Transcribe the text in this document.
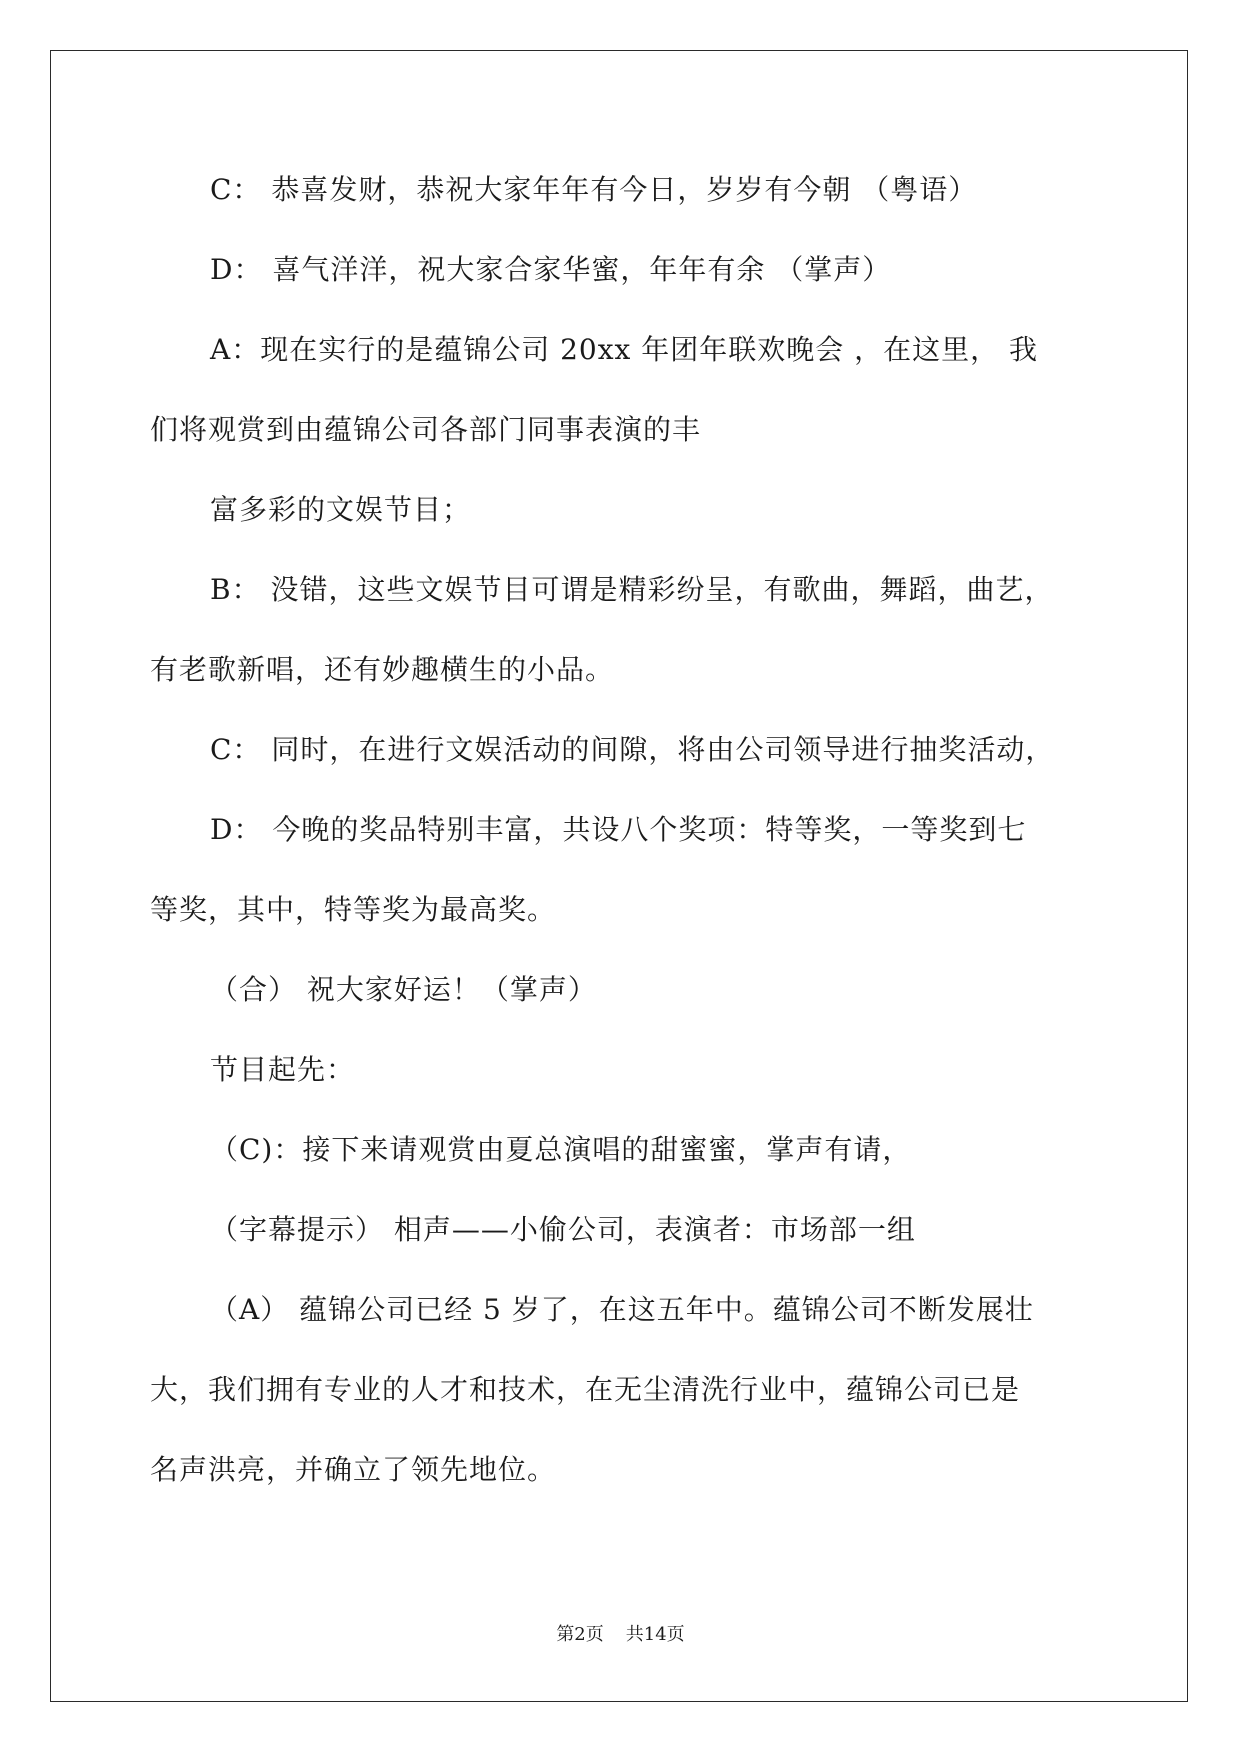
C： 恭喜发财，恭祝大家年年有今日，岁岁有今朝 （粤语）

D： 喜气洋洋，祝大家合家华蜜，年年有余 （掌声）

A：现在实行的是蕴锦公司 20xx 年团年联欢晚会 ，在这里， 我

们将观赏到由蕴锦公司各部门同事表演的丰

富多彩的文娱节目；

B： 没错，这些文娱节目可谓是精彩纷呈，有歌曲，舞蹈，曲艺，

有老歌新唱，还有妙趣横生的小品。

C： 同时，在进行文娱活动的间隙，将由公司领导进行抽奖活动，

D： 今晚的奖品特别丰富，共设八个奖项：特等奖，一等奖到七

等奖，其中，特等奖为最高奖。

（合） 祝大家好运！（掌声）

节目起先：

（C)：接下来请观赏由夏总演唱的甜蜜蜜，掌声有请，

（字幕提示） 相声——小偷公司，表演者：市场部一组

（A） 蕴锦公司已经 5 岁了，在这五年中。蕴锦公司不断发展壮

大，我们拥有专业的人才和技术，在无尘清洗行业中，蕴锦公司已是

名声洪亮，并确立了领先地位。

第2页 共14页
